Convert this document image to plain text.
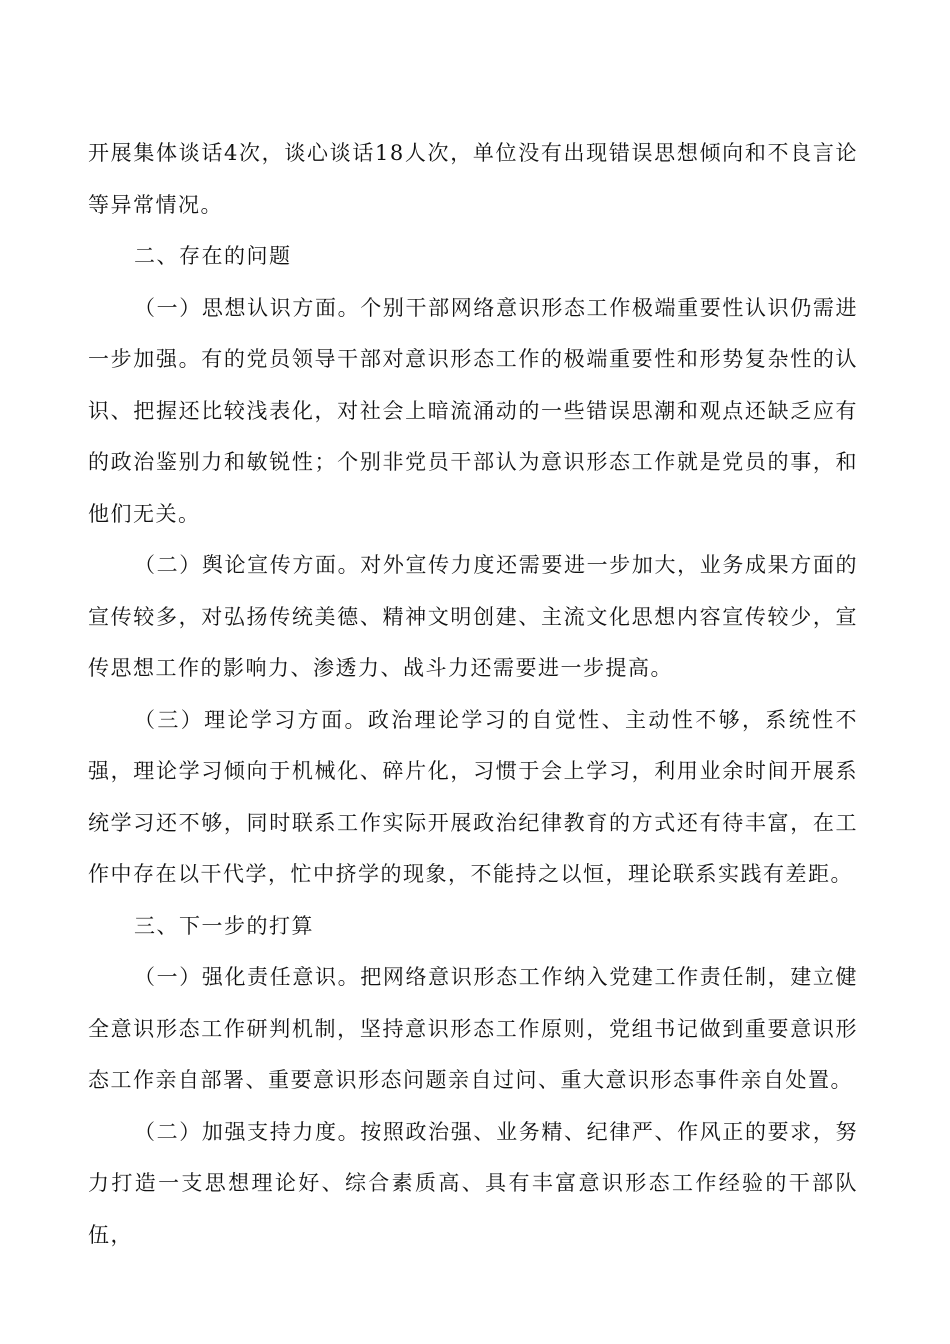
开展集体谈话4次，谈心谈话18人次，单位没有出现错误思想倾向和不良言论等异常情况。

二、存在的问题

（一）思想认识方面。个别干部网络意识形态工作极端重要性认识仍需进一步加强。有的党员领导干部对意识形态工作的极端重要性和形势复杂性的认识、把握还比较浅表化，对社会上暗流涌动的一些错误思潮和观点还缺乏应有的政治鉴别力和敏锐性；个别非党员干部认为意识形态工作就是党员的事，和他们无关。

（二）舆论宣传方面。对外宣传力度还需要进一步加大，业务成果方面的宣传较多，对弘扬传统美德、精神文明创建、主流文化思想内容宣传较少，宣传思想工作的影响力、渗透力、战斗力还需要进一步提高。

（三）理论学习方面。政治理论学习的自觉性、主动性不够，系统性不强，理论学习倾向于机械化、碎片化，习惯于会上学习，利用业余时间开展系统学习还不够，同时联系工作实际开展政治纪律教育的方式还有待丰富，在工作中存在以干代学，忙中挤学的现象，不能持之以恒，理论联系实践有差距。

三、下一步的打算

（一）强化责任意识。把网络意识形态工作纳入党建工作责任制，建立健全意识形态工作研判机制，坚持意识形态工作原则，党组书记做到重要意识形态工作亲自部署、重要意识形态问题亲自过问、重大意识形态事件亲自处置。

（二）加强支持力度。按照政治强、业务精、纪律严、作风正的要求，努力打造一支思想理论好、综合素质高、具有丰富意识形态工作经验的干部队伍，
